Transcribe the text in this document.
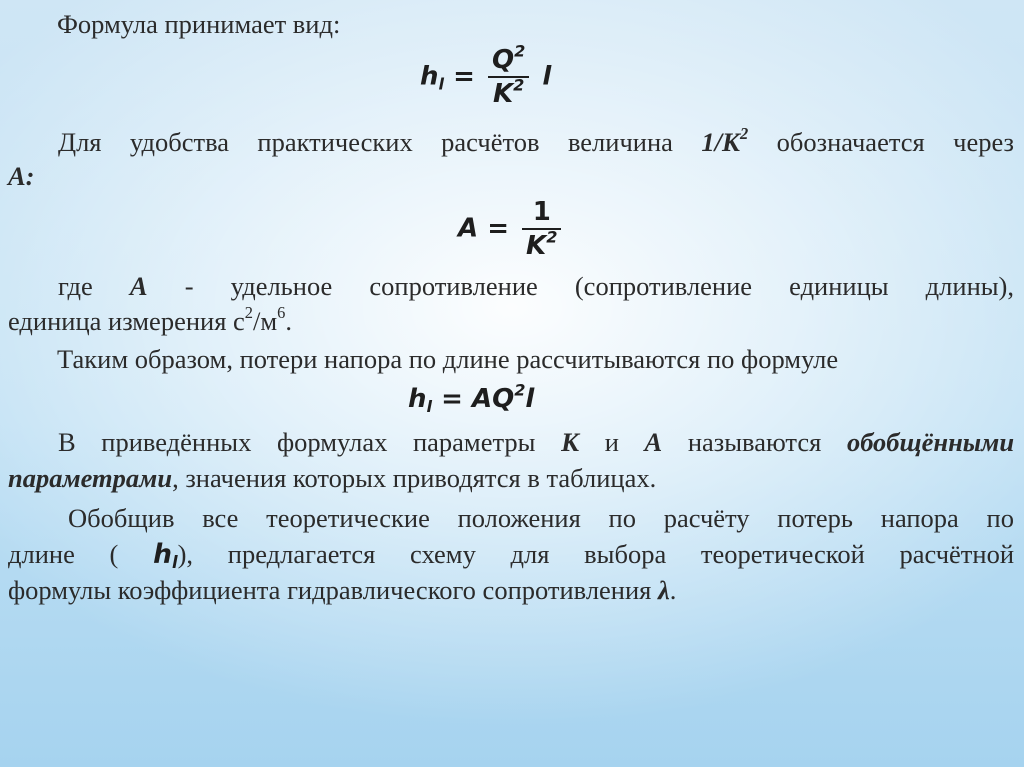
Формула принимает вид:
$h_l = \frac{Q^2}{K^2}$ l
Для удобства практических расчётов величина $1/К^2$ обозначается через
А:
$A = \frac{1}{K^2}$
где А - удельное сопротивление (сопротивление единицы длины),
единица измерения $с^2/м^6$.
Таким образом, потери напора по длине рассчитываются по формуле
$h_l = AQ^2l$
В приведённых формулах параметры К и А называются обобщёнными
параметрами, значения которых приводятся в таблицах.
Обобщив все теоретические положения по расчёту потерь напора по
длине ( $h_l$), предлагается схему для выбора теоретической расчётной
формулы коэффициента гидравлического сопротивления λ.
